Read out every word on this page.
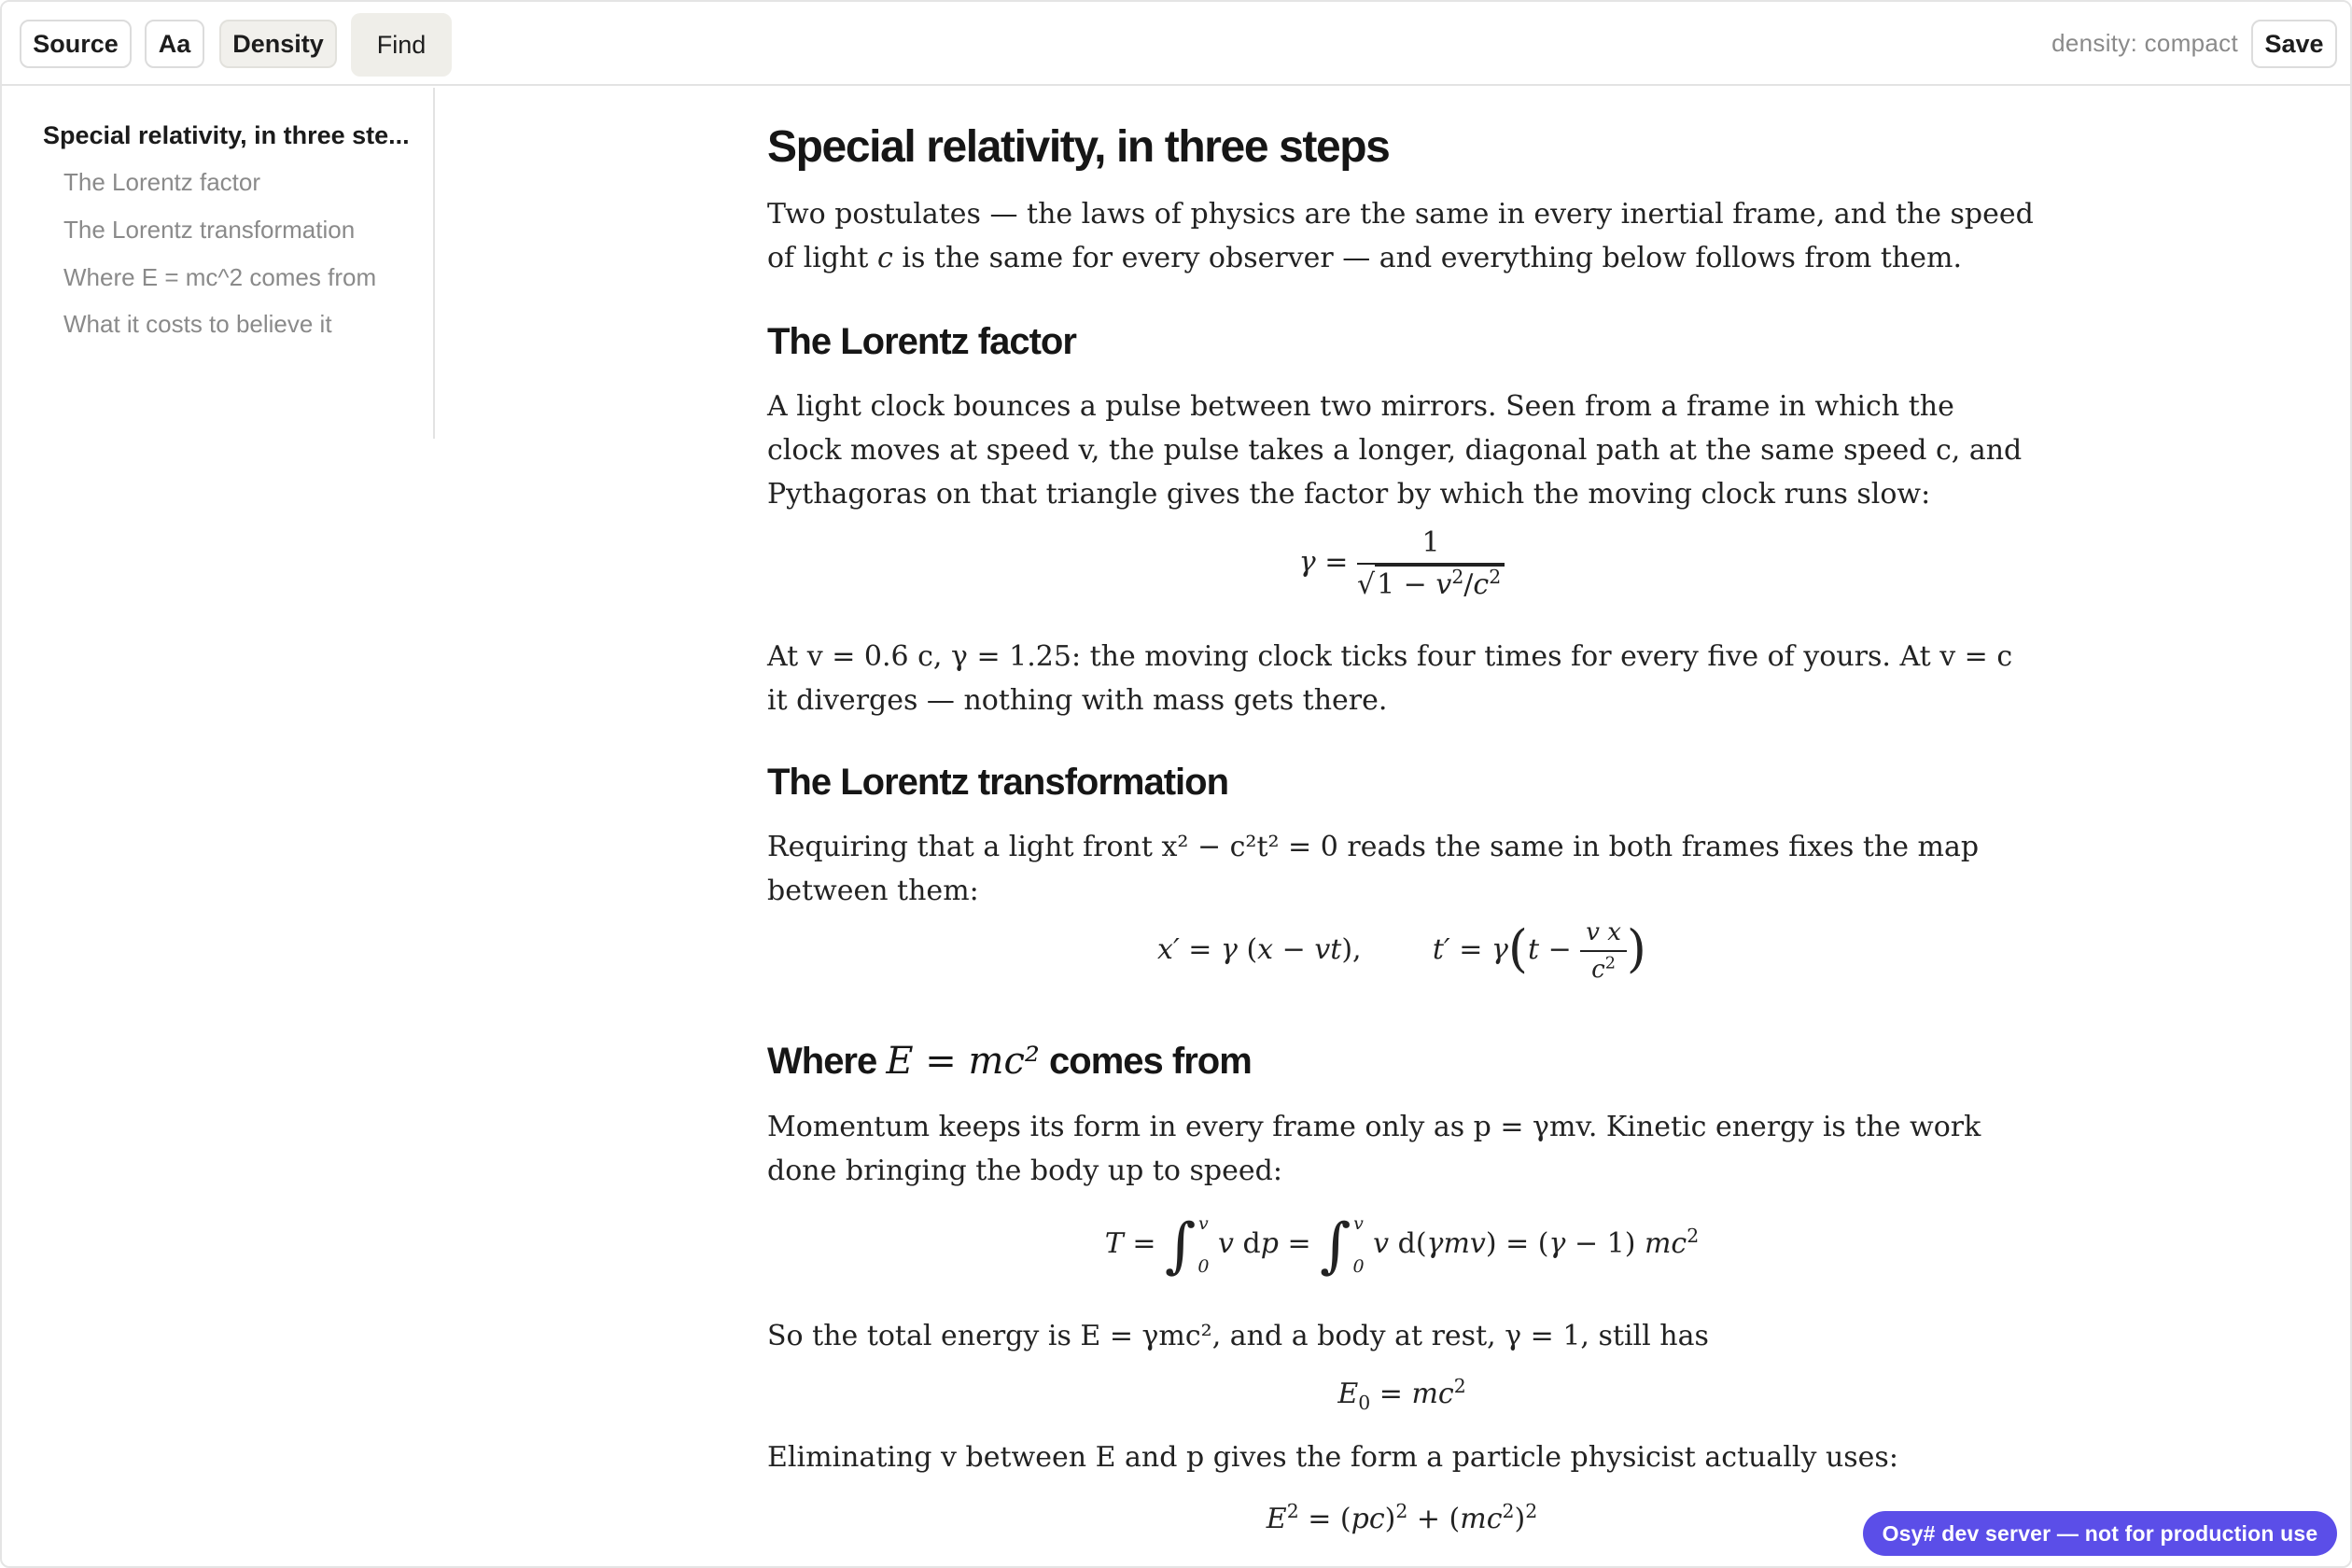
Source	Aa	Density	Find	density: compact	Save
Special relativity, in three ste...
The Lorentz factor
The Lorentz transformation
Where E = mc^2 comes from
What it costs to believe it
Special relativity, in three steps

Two postulates — the laws of physics are the same in every inertial frame, and the speed of light c is the same for every observer — and everything below follows from them.

The Lorentz factor

A light clock bounces a pulse between two mirrors. Seen from a frame in which the clock moves at speed v, the pulse takes a longer, diagonal path at the same speed c, and Pythagoras on that triangle gives the factor by which the moving clock runs slow:

$\gamma = \frac{1}{√1 - v^2/c^2}$

At v = 0.6 c, γ = 1.25: the moving clock ticks four times for every five of yours. At v = c it diverges — nothing with mass gets there.

The Lorentz transformation

Requiring that a light front x² − c²t² = 0 reads the same in both frames fixes the map between them:

x′ = γ (x − vt),        $t' = \gamma(t - \frac{\text{v x}}{c^2}$ )
Where E = mc² comes from

Momentum keeps its form in every frame only as p = γmv. Kinetic energy is the work done bringing the body up to speed:

T = ∫ v
0
v dp = ∫ v
0
v d(γmv) = (γ − 1) $mc^2$

So the total energy is E = γmc², and a body at rest, γ = 1, still has

$E_0 = mc^2$

Eliminating v between E and p gives the form a particle physicist actually uses:

$E^2 = (pc)^2 + (mc^2)^2$
Osy# dev server — not for production use
